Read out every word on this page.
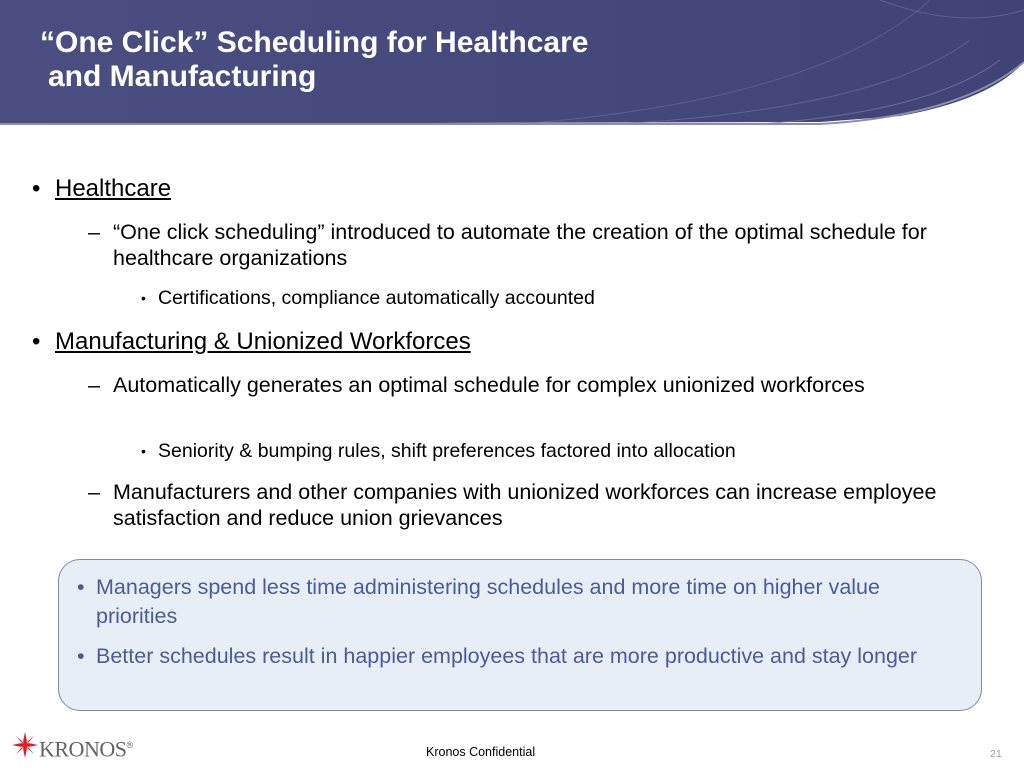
“One Click” Scheduling for Healthcare
and Manufacturing
• Healthcare
– “One click scheduling” introduced to automate the creation of the optimal schedule for healthcare organizations
• Certifications, compliance automatically accounted
• Manufacturing & Unionized Workforces
– Automatically generates an optimal schedule for complex unionized workforces
• Seniority & bumping rules, shift preferences factored into allocation
– Manufacturers and other companies with unionized workforces can increase employee satisfaction and reduce union grievances
• Managers spend less time administering schedules and more time on higher value priorities
• Better schedules result in happier employees that are more productive and stay longer
KRONOS®	Kronos Confidential	21
